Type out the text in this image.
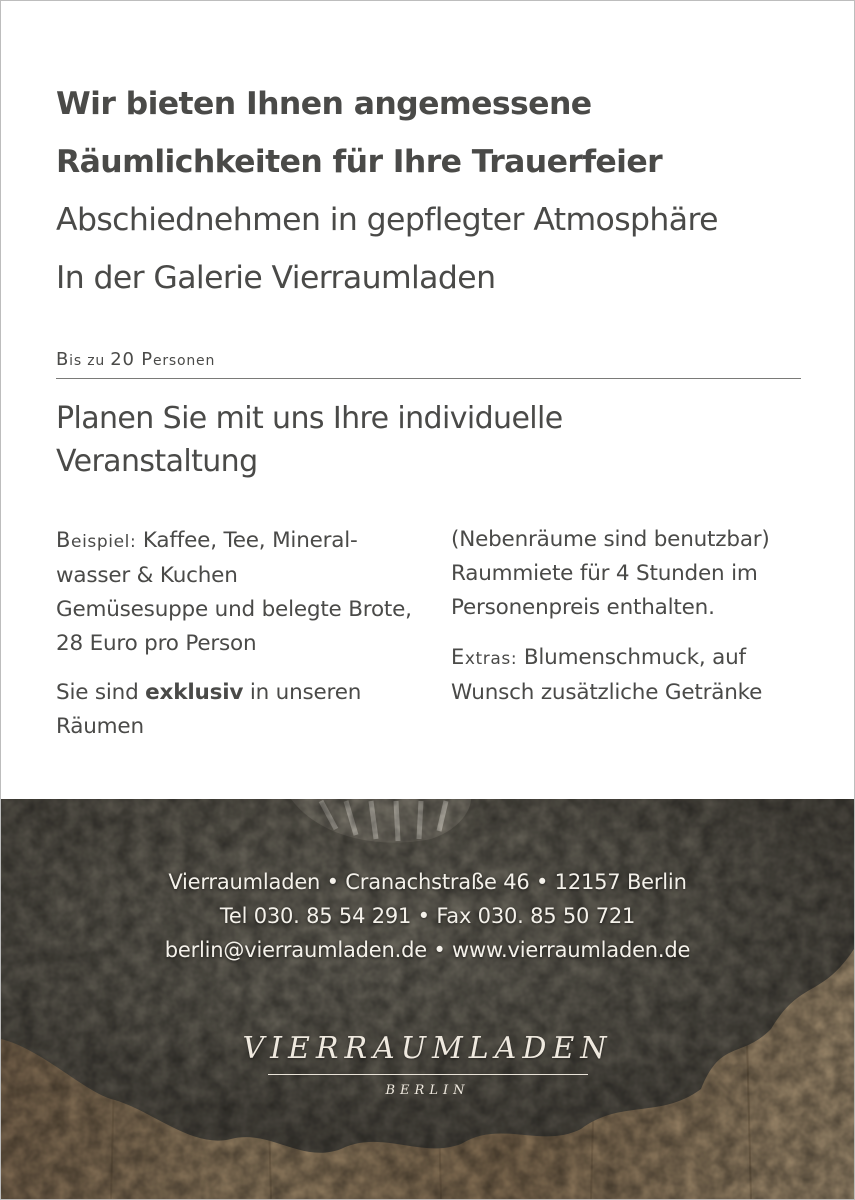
Wir bieten Ihnen angemessene
Räumlichkeiten für Ihre Trauerfeier
Abschiednehmen in gepflegter Atmosphäre
In der Galerie Vierraumladen
Bis zu 20 Personen
Planen Sie mit uns Ihre individuelle Veranstaltung

Beispiel: Kaffee, Tee, Mineral-wasser & Kuchen
Gemüsesuppe und belegte Brote, 28 Euro pro Person

Sie sind exklusiv in unseren Räumen

(Nebenräume sind benutzbar) Raummiete für 4 Stunden im Personenpreis enthalten.

Extras: Blumenschmuck, auf Wunsch zusätzliche Getränke

Vierraumladen • Cranachstraße 46 • 12157 Berlin
Tel 030. 85 54 291 • Fax 030. 85 50 721
berlin@vierraumladen.de • www.vierraumladen.de
VIERRAUMLADEN
BERLIN
